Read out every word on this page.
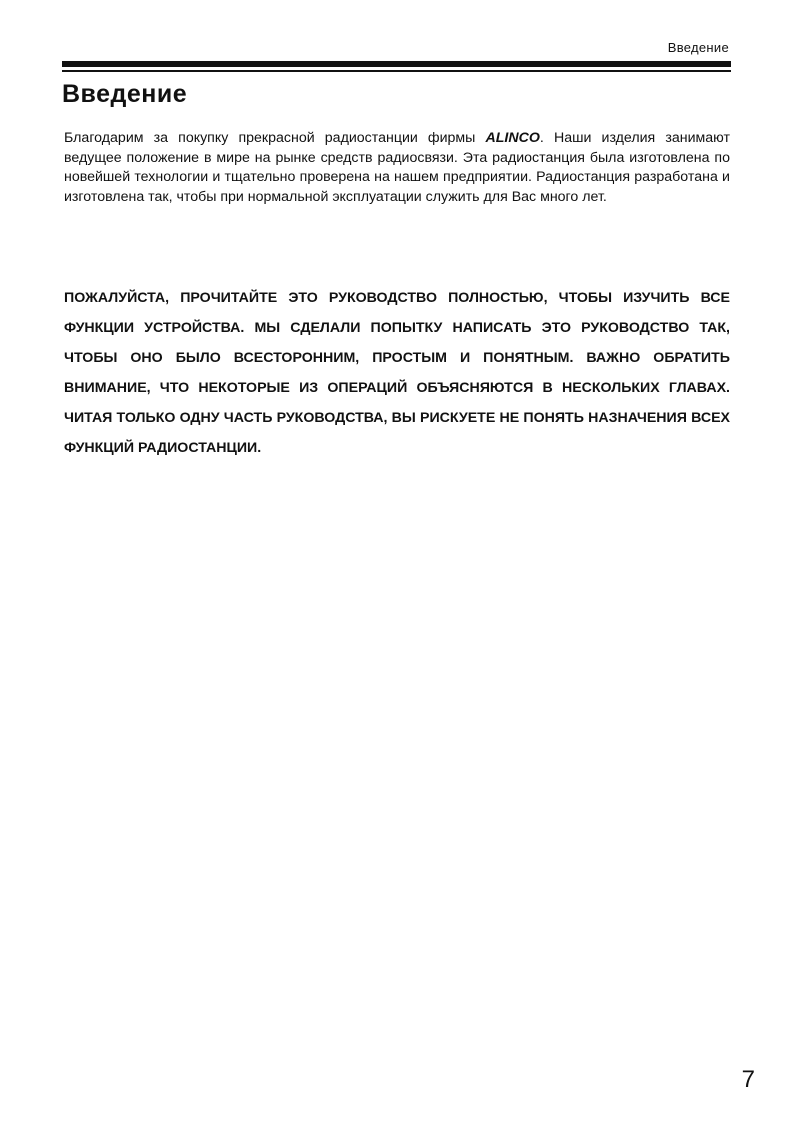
Введение
Введение

Благодарим за покупку прекрасной радиостанции фирмы ALINCO. Наши изделия занимают ведущее положение в мире на рынке средств радиосвязи. Эта радиостанция была изготовлена по новейшей технологии и тщательно проверена на нашем предприятии. Радиостанция разработана и изготовлена так, чтобы при нормальной эксплуатации служить для Вас много лет.

ПОЖАЛУЙСТА, ПРОЧИТАЙТЕ ЭТО РУКОВОДСТВО ПОЛНОСТЬЮ, ЧТОБЫ ИЗУЧИТЬ ВСЕ ФУНКЦИИ УСТРОЙСТВА. МЫ СДЕЛАЛИ ПОПЫТКУ НАПИСАТЬ ЭТО РУКОВОДСТВО ТАК, ЧТОБЫ ОНО БЫЛО ВСЕСТОРОННИМ, ПРОСТЫМ И ПОНЯТНЫМ. ВАЖНО ОБРАТИТЬ ВНИМАНИЕ, ЧТО НЕКОТОРЫЕ ИЗ ОПЕРАЦИЙ ОБЪЯСНЯЮТСЯ В НЕСКОЛЬКИХ ГЛАВАХ. ЧИТАЯ ТОЛЬКО ОДНУ ЧАСТЬ РУКОВОДСТВА, ВЫ РИСКУЕТЕ НЕ ПОНЯТЬ НАЗНАЧЕНИЯ ВСЕХ ФУНКЦИЙ РАДИОСТАНЦИИ.

7
